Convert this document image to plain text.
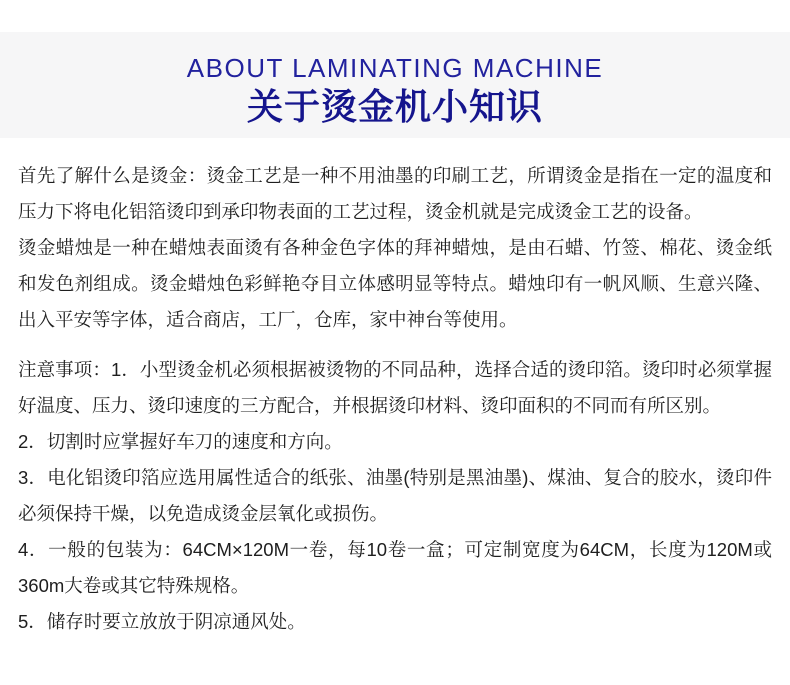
ABOUT LAMINATING MACHINE
关于烫金机小知识

首先了解什么是烫金：烫金工艺是一种不用油墨的印刷工艺，所谓烫金是指在一定的温度和压力下将电化铝箔烫印到承印物表面的工艺过程，烫金机就是完成烫金工艺的设备。

烫金蜡烛是一种在蜡烛表面烫有各种金色字体的拜神蜡烛，是由石蜡、竹签、棉花、烫金纸和发色剂组成。烫金蜡烛色彩鲜艳夺目立体感明显等特点。蜡烛印有一帆风顺、生意兴隆、出入平安等字体，适合商店，工厂，仓库，家中神台等使用。

注意事项：1．小型烫金机必须根据被烫物的不同品种，选择合适的烫印箔。烫印时必须掌握好温度、压力、烫印速度的三方配合，并根据烫印材料、烫印面积的不同而有所区别。

2．切割时应掌握好车刀的速度和方向。

3．电化铝烫印箔应选用属性适合的纸张、油墨(特别是黑油墨)、煤油、复合的胶水，烫印件必须保持干燥，以免造成烫金层氧化或损伤。

4．一般的包装为：64CM×120M一卷，每10卷一盒；可定制宽度为64CM，长度为120M或360m大卷或其它特殊规格。

5．储存时要立放放于阴凉通风处。
